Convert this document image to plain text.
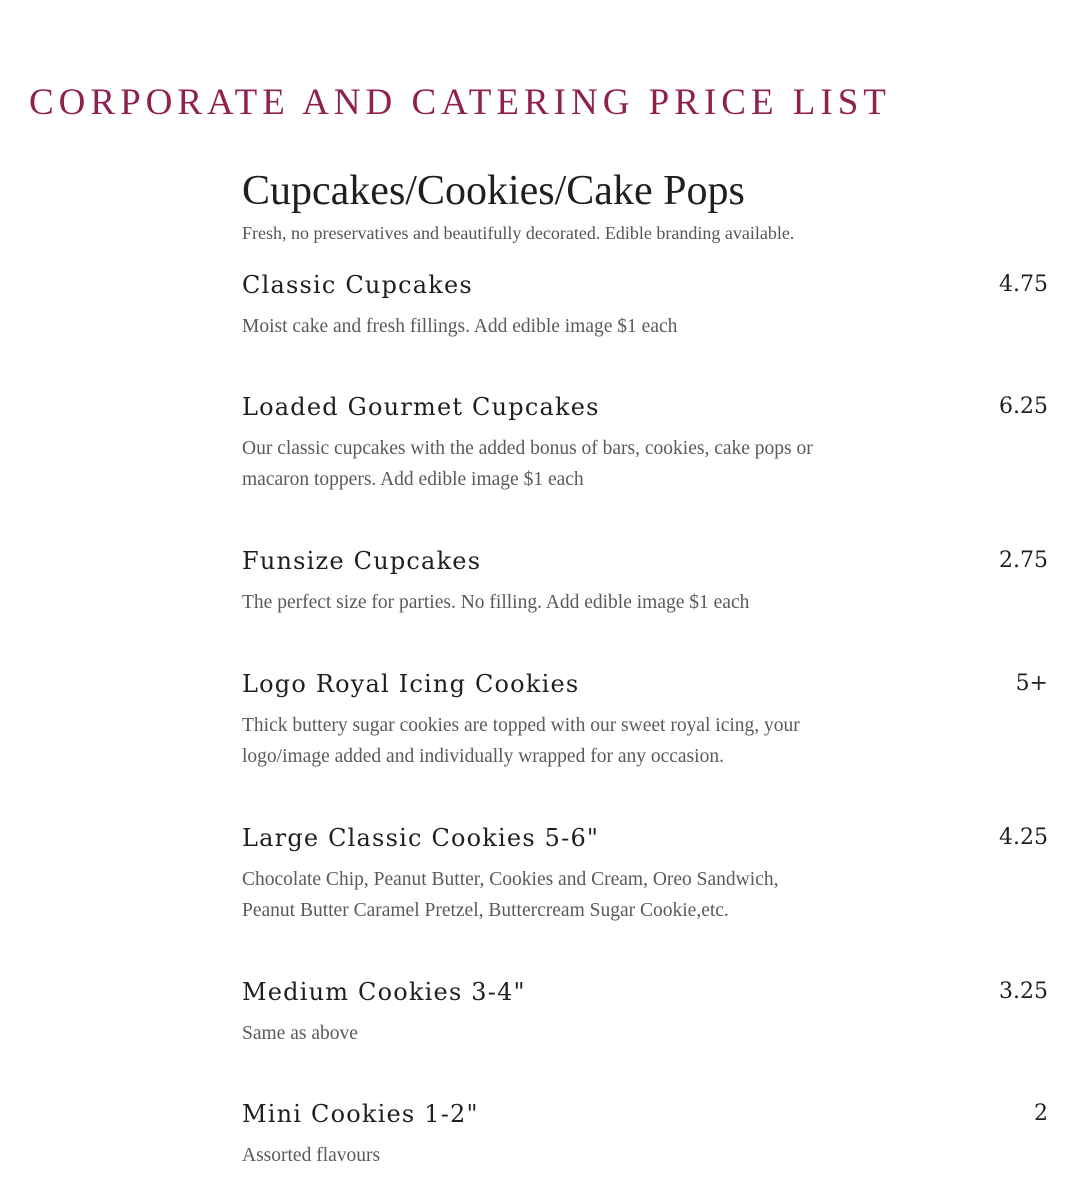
CORPORATE AND CATERING PRICE LIST
Cupcakes/Cookies/Cake Pops

Fresh, no preservatives and beautifully decorated. Edible branding available.

Classic Cupcakes	4.75

Moist cake and fresh fillings. Add edible image $1 each

Loaded Gourmet Cupcakes	6.25

Our classic cupcakes with the added bonus of bars, cookies, cake pops or macaron toppers. Add edible image $1 each

Funsize Cupcakes	2.75

The perfect size for parties. No filling. Add edible image $1 each

Logo Royal Icing Cookies	5+

Thick buttery sugar cookies are topped with our sweet royal icing, your logo/image added and individually wrapped for any occasion.

Large Classic Cookies 5-6"	4.25

Chocolate Chip, Peanut Butter, Cookies and Cream, Oreo Sandwich, Peanut Butter Caramel Pretzel, Buttercream Sugar Cookie,etc.

Medium Cookies 3-4"	3.25

Same as above

Mini Cookies 1-2"	2

Assorted flavours
